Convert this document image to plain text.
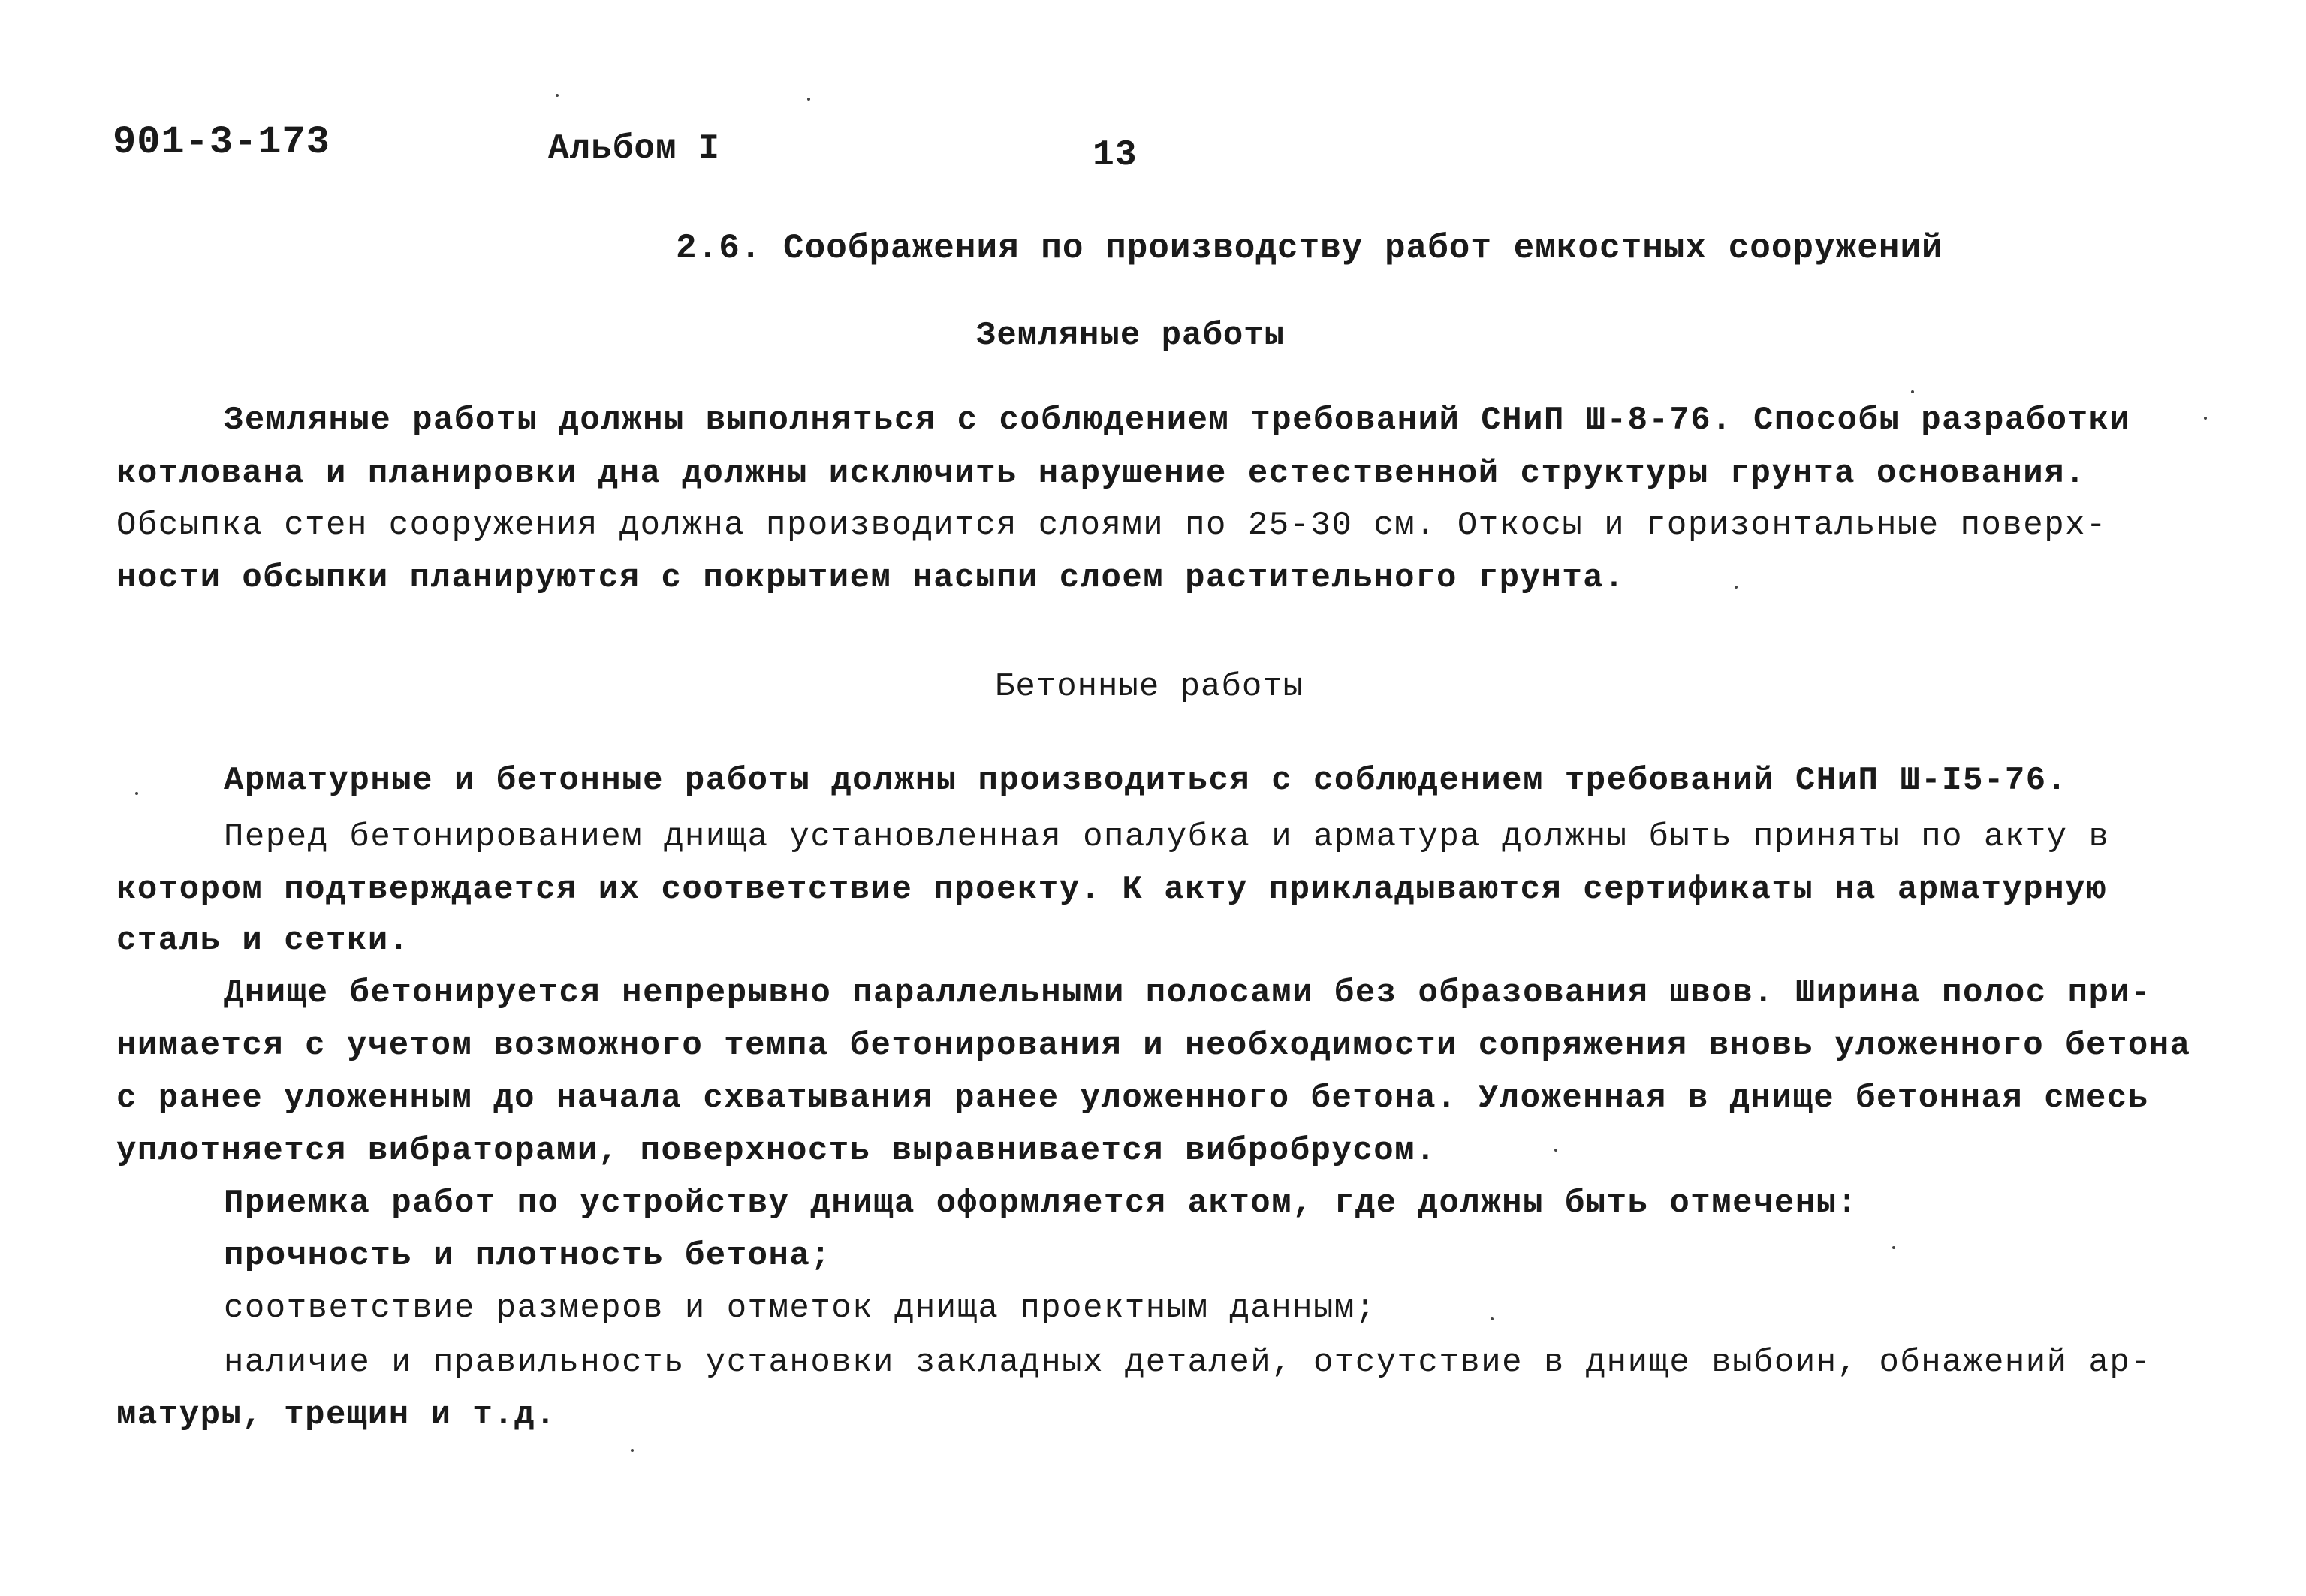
901-3-173	Альбом I	13
2.6. Соображения по производству работ емкостных сооружений
Земляные работы
Земляные работы должны выполняться с соблюдением требований СНиП Ш-8-76. Способы разработки
котлована и планировки дна должны исключить нарушение естественной структуры грунта основания.
Обсыпка стен сооружения должна производится слоями по 25-30 см. Откосы и горизонтальные поверх-
ности обсыпки планируются с покрытием насыпи слоем растительного грунта.
Бетонные работы
Арматурные и бетонные работы должны производиться с соблюдением требований СНиП Ш-I5-76.
Перед бетонированием днища установленная опалубка и арматура должны быть приняты по акту в
котором подтверждается их соответствие проекту. К акту прикладываются сертификаты на арматурную
сталь и сетки.
Днище бетонируется непрерывно параллельными полосами без образования швов. Ширина полос при-
нимается с учетом возможного темпа бетонирования и необходимости сопряжения вновь уложенного бетона
с ранее уложенным до начала схватывания ранее уложенного бетона. Уложенная в днище бетонная смесь
уплотняется вибраторами, поверхность выравнивается вибробрусом.
Приемка работ по устройству днища оформляется актом, где должны быть отмечены:
прочность и плотность бетона;
соответствие размеров и отметок днища проектным данным;
наличие и правильность установки закладных деталей, отсутствие в днище выбоин, обнажений ар-
матуры, трещин и т.д.
